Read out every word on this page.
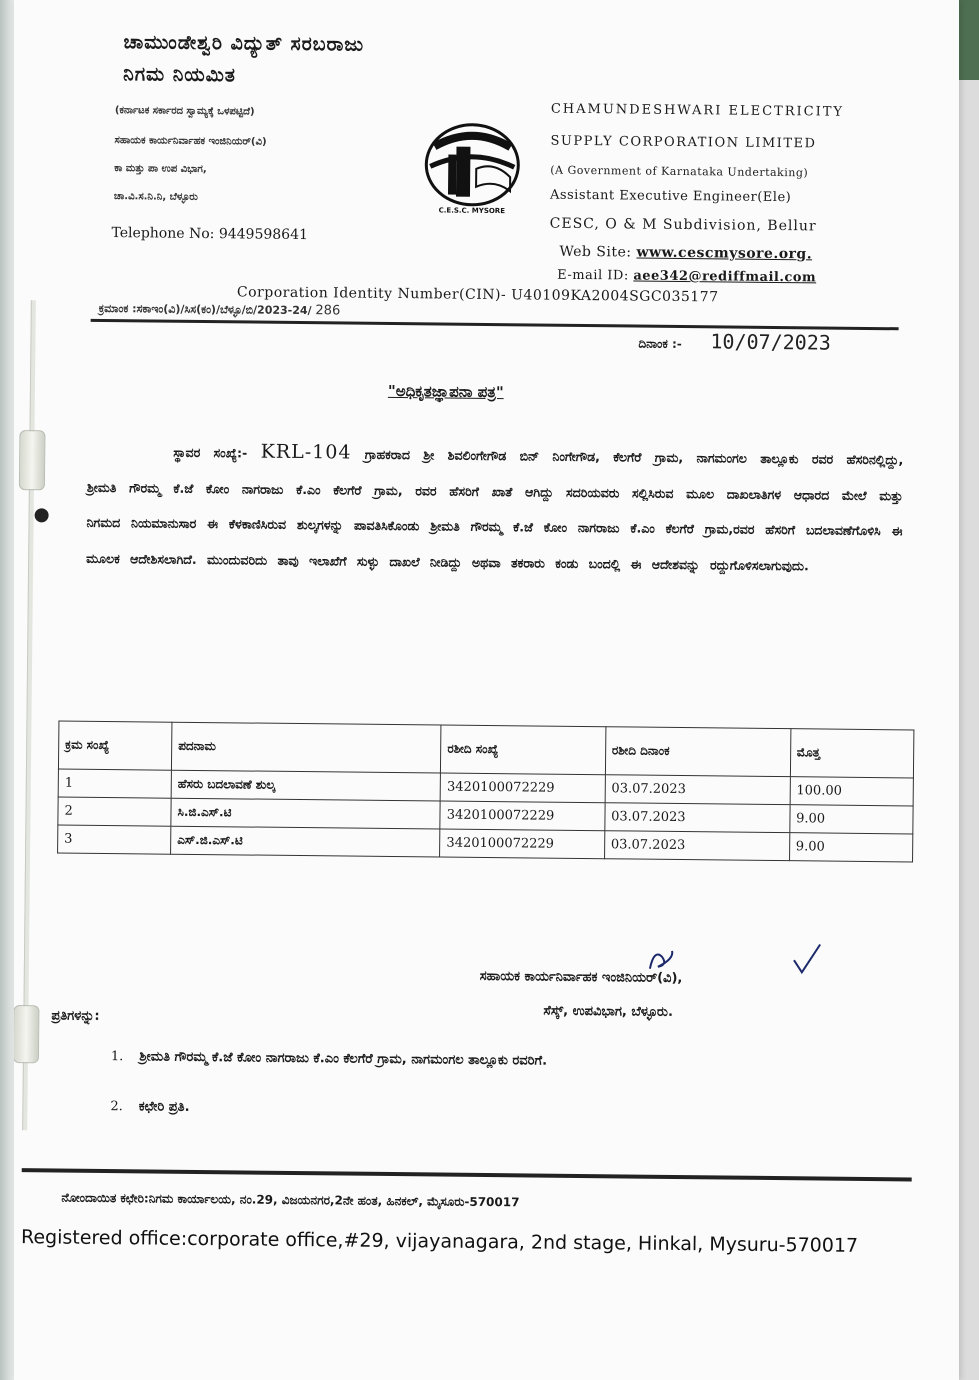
ಚಾಮುಂಡೇಶ್ವರಿ ವಿದ್ಯುತ್ ಸರಬರಾಜು
ನಿಗಮ ನಿಯಮಿತ
(ಕರ್ನಾಟಕ ಸರ್ಕಾರದ ಸ್ವಾಮ್ಯಕ್ಕೆ ಒಳಪಟ್ಟಿದೆ)
ಸಹಾಯಕ ಕಾರ್ಯನಿರ್ವಾಹಕ ಇಂಜಿನಿಯರ್(ವಿ)
ಕಾ ಮತ್ತು ಪಾ ಉಪ ವಿಭಾಗ,
ಚಾ.ವಿ.ಸ.ನಿ.ನಿ, ಬೆಳ್ಳೂರು
Telephone No: 9449598641
C.E.S.C. MYSORE
CHAMUNDESHWARI ELECTRICITY
SUPPLY CORPORATION LIMITED
(A Government of Karnataka Undertaking)
Assistant Executive Engineer(Ele)
CESC, O & M Subdivision, Bellur
Web Site: www.cescmysore.org.
E-mail ID: aee342@rediffmail.com
Corporation Identity Number(CIN)- U40109KA2004SGC035177
ಕ್ರಮಾಂಕ :ಸಕಾಇಂ(ವಿ)/ಸಿಸ(ಕಂ)/ಬೆಳ್ಳೂ/ಬಿ/2023-24/ 286
ದಿನಾಂಕ :- 10/07/2023
"ಅಧಿಕೃತಜ್ಞಾಪನಾ ಪತ್ರ"
ಸ್ಥಾವರ ಸಂಖ್ಯೆ:- KRL-104 ಗ್ರಾಹಕರಾದ ಶ್ರೀ ಶಿವಲಿಂಗೇಗೌಡ ಬಿನ್ ನಿಂಗೇಗೌಡ, ಕೆಲಗೆರೆ ಗ್ರಾಮ, ನಾಗಮಂಗಲ ತಾಲ್ಲೂಕು ರವರ ಹೆಸರಿನಲ್ಲಿದ್ದು, ಶ್ರೀಮತಿ ಗೌರಮ್ಮ ಕೆ.ಜೆ ಕೋಂ ನಾಗರಾಜು ಕೆ.ಎಂ ಕೆಲಗೆರೆ ಗ್ರಾಮ, ರವರ ಹೆಸರಿಗೆ ಖಾತೆ ಆಗಿದ್ದು ಸದರಿಯವರು ಸಲ್ಲಿಸಿರುವ ಮೂಲ ದಾಖಲಾತಿಗಳ ಆಧಾರದ ಮೇಲೆ ಮತ್ತು ನಿಗಮದ ನಿಯಮಾನುಸಾರ ಈ ಕೆಳಕಾಣಿಸಿರುವ ಶುಲ್ಕಗಳನ್ನು ಪಾವತಿಸಿಕೊಂಡು ಶ್ರೀಮತಿ ಗೌರಮ್ಮ ಕೆ.ಜೆ ಕೋಂ ನಾಗರಾಜು ಕೆ.ಎಂ ಕೆಲಗೆರೆ ಗ್ರಾಮ,ರವರ ಹೆಸರಿಗೆ ಬದಲಾವಣೆಗೊಳಿಸಿ ಈ ಮೂಲಕ ಆದೇಶಿಸಲಾಗಿದೆ. ಮುಂದುವರಿದು ತಾವು ಇಲಾಖೆಗೆ ಸುಳ್ಳು ದಾಖಲೆ ನೀಡಿದ್ದು ಅಥವಾ ತಕರಾರು ಕಂಡು ಬಂದಲ್ಲಿ ಈ ಆದೇಶವನ್ನು ರದ್ದುಗೊಳಿಸಲಾಗುವುದು.
ಕ್ರಮ ಸಂಖ್ಯೆ	ಪದನಾಮ	ರಶೀದಿ ಸಂಖ್ಯೆ	ರಶೀದಿ ದಿನಾಂಕ	ಮೊತ್ತ
1	ಹೆಸರು ಬದಲಾವಣೆ ಶುಲ್ಕ	3420100072229	03.07.2023	100.00
2	ಸಿ.ಜಿ.ಎಸ್.ಟಿ	3420100072229	03.07.2023	9.00
3	ಎಸ್.ಜಿ.ಎಸ್.ಟಿ	3420100072229	03.07.2023	9.00
ಸಹಾಯಕ ಕಾರ್ಯನಿರ್ವಾಹಕ ಇಂಜಿನಿಯರ್(ವಿ),
ಸೆಸ್ಕ್, ಉಪವಿಭಾಗ, ಬೆಳ್ಳೂರು.
ಪ್ರತಿಗಳನ್ನು:
1. ಶ್ರೀಮತಿ ಗೌರಮ್ಮ ಕೆ.ಜೆ ಕೋಂ ನಾಗರಾಜು ಕೆ.ಎಂ ಕೆಲಗೆರೆ ಗ್ರಾಮ, ನಾಗಮಂಗಲ ತಾಲ್ಲೂಕು ರವರಿಗೆ.
2. ಕಛೇರಿ ಪ್ರತಿ.
ನೋಂದಾಯಿತ ಕಛೇರಿ:ನಿಗಮ ಕಾರ್ಯಾಲಯ, ನಂ.29, ವಿಜಯನಗರ,2ನೇ ಹಂತ, ಹಿನಕಲ್, ಮೈಸೂರು-570017
Registered office:corporate office,#29, vijayanagara, 2nd stage, Hinkal, Mysuru-570017
